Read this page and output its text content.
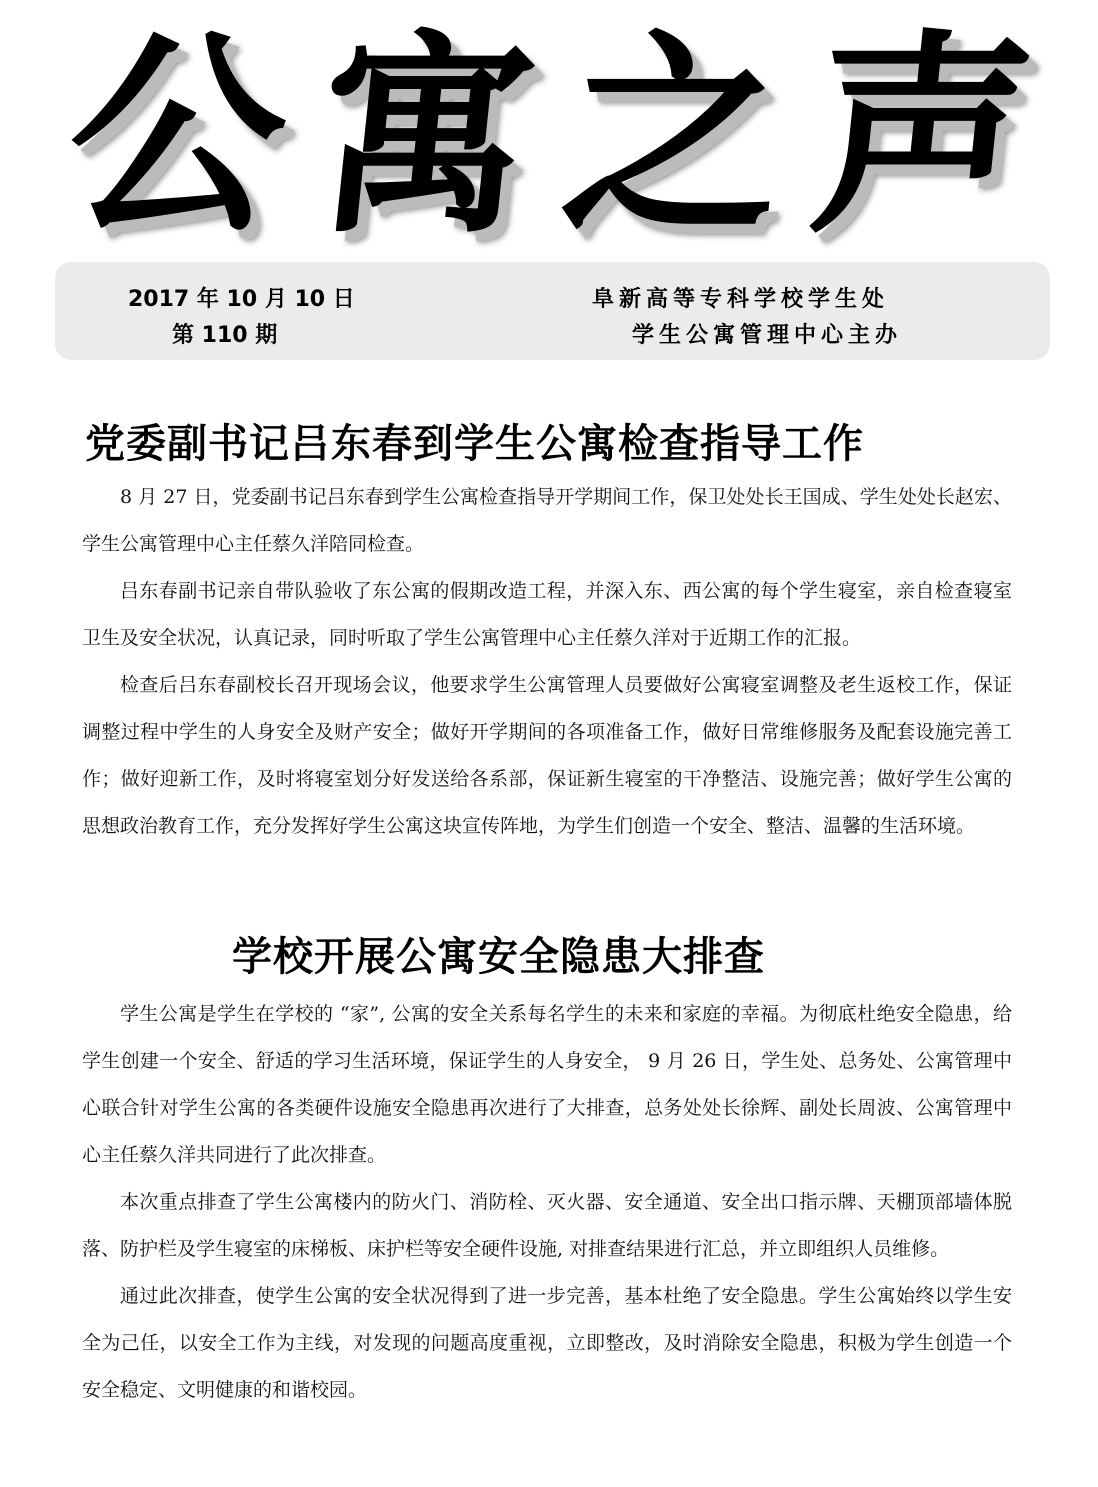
公 寓 之 声
2017 年 10 月 10 日
第 110 期
阜新高等专科学校学生处
学生公寓管理中心主办
党委副书记吕东春到学生公寓检查指导工作

8 月 27 日，党委副书记吕东春到学生公寓检查指导开学期间工作，保卫处处长王国成、学生处处长赵宏、学生公寓管理中心主任蔡久洋陪同检查。

吕东春副书记亲自带队验收了东公寓的假期改造工程，并深入东、西公寓的每个学生寝室，亲自检查寝室卫生及安全状况，认真记录，同时听取了学生公寓管理中心主任蔡久洋对于近期工作的汇报。

检查后吕东春副校长召开现场会议，他要求学生公寓管理人员要做好公寓寝室调整及老生返校工作，保证调整过程中学生的人身安全及财产安全；做好开学期间的各项准备工作，做好日常维修服务及配套设施完善工作；做好迎新工作，及时将寝室划分好发送给各系部，保证新生寝室的干净整洁、设施完善；做好学生公寓的思想政治教育工作，充分发挥好学生公寓这块宣传阵地，为学生们创造一个安全、整洁、温馨的生活环境。

学校开展公寓安全隐患大排查

学生公寓是学生在学校的 “家”, 公寓的安全关系每名学生的未来和家庭的幸福。为彻底杜绝安全隐患，给学生创建一个安全、舒适的学习生活环境，保证学生的人身安全， 9 月 26 日，学生处、总务处、公寓管理中心联合针对学生公寓的各类硬件设施安全隐患再次进行了大排查，总务处处长徐辉、副处长周波、公寓管理中心主任蔡久洋共同进行了此次排查。

本次重点排查了学生公寓楼内的防火门、消防栓、灭火器、安全通道、安全出口指示牌、天棚顶部墙体脱落、防护栏及学生寝室的床梯板、床护栏等安全硬件设施, 对排查结果进行汇总，并立即组织人员维修。

通过此次排查，使学生公寓的安全状况得到了进一步完善，基本杜绝了安全隐患。学生公寓始终以学生安全为己任，以安全工作为主线，对发现的问题高度重视，立即整改，及时消除安全隐患，积极为学生创造一个安全稳定、文明健康的和谐校园。
